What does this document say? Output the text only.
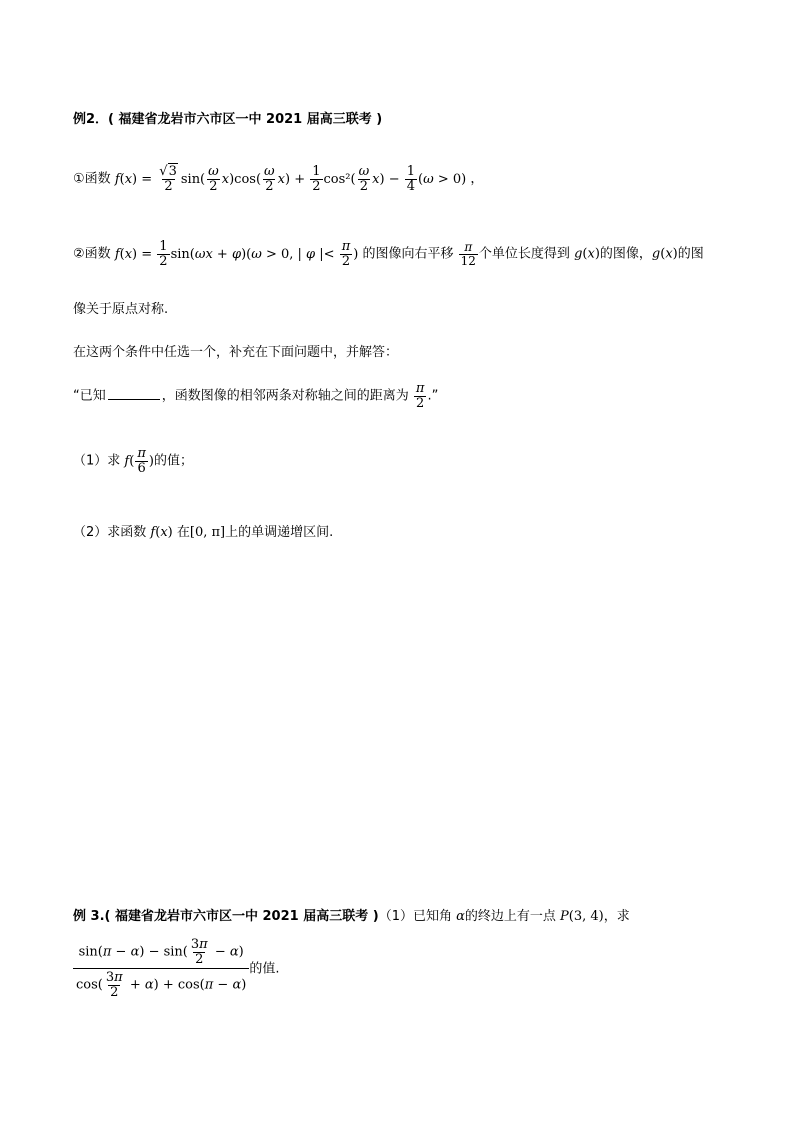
例2．( 福建省龙岩市六市区一中 2021 届高三联考 )
①函数 $f(x) = \frac{√3}{2} \sin( \frac{\omega}{2} x)\cos( \frac{\omega}{2} x) + \frac{1}{2} \cos^2( \frac{\omega}{2} x) - \frac{1}{4} (\omega > 0)$ ，
②函数 $f(x) = \frac{1}{2} \sin(\omega x + \varphi)(\omega > 0$, | φ |< $\frac{\pi}{2}$ ) 的图像向右平移 $\frac{\pi}{12}$ 个单位长度得到 g(x)的图像，g(x)的图
像关于原点对称.
在这两个条件中任选一个，补充在下面问题中，并解答：
“已知	，函数图像的相邻两条对称轴之间的距离为 $\frac{\pi}{2}$ .”
（1）求 $f( \frac{\pi}{6}$ )的值；
（2）求函数 f(x) 在[0, π]上的单调递增区间.
例 3.( 福建省龙岩市六市区一中 2021 届高三联考 )（1）已知角 α的终边上有一点 P(3, 4)，求
$\frac{\sin(\pi - \alpha) - \sin( \frac{3\pi}{2} - \alpha)}{\cos( \frac{3\pi}{2} + \alpha) + \cos(\pi - \alpha)}$ 的值.
